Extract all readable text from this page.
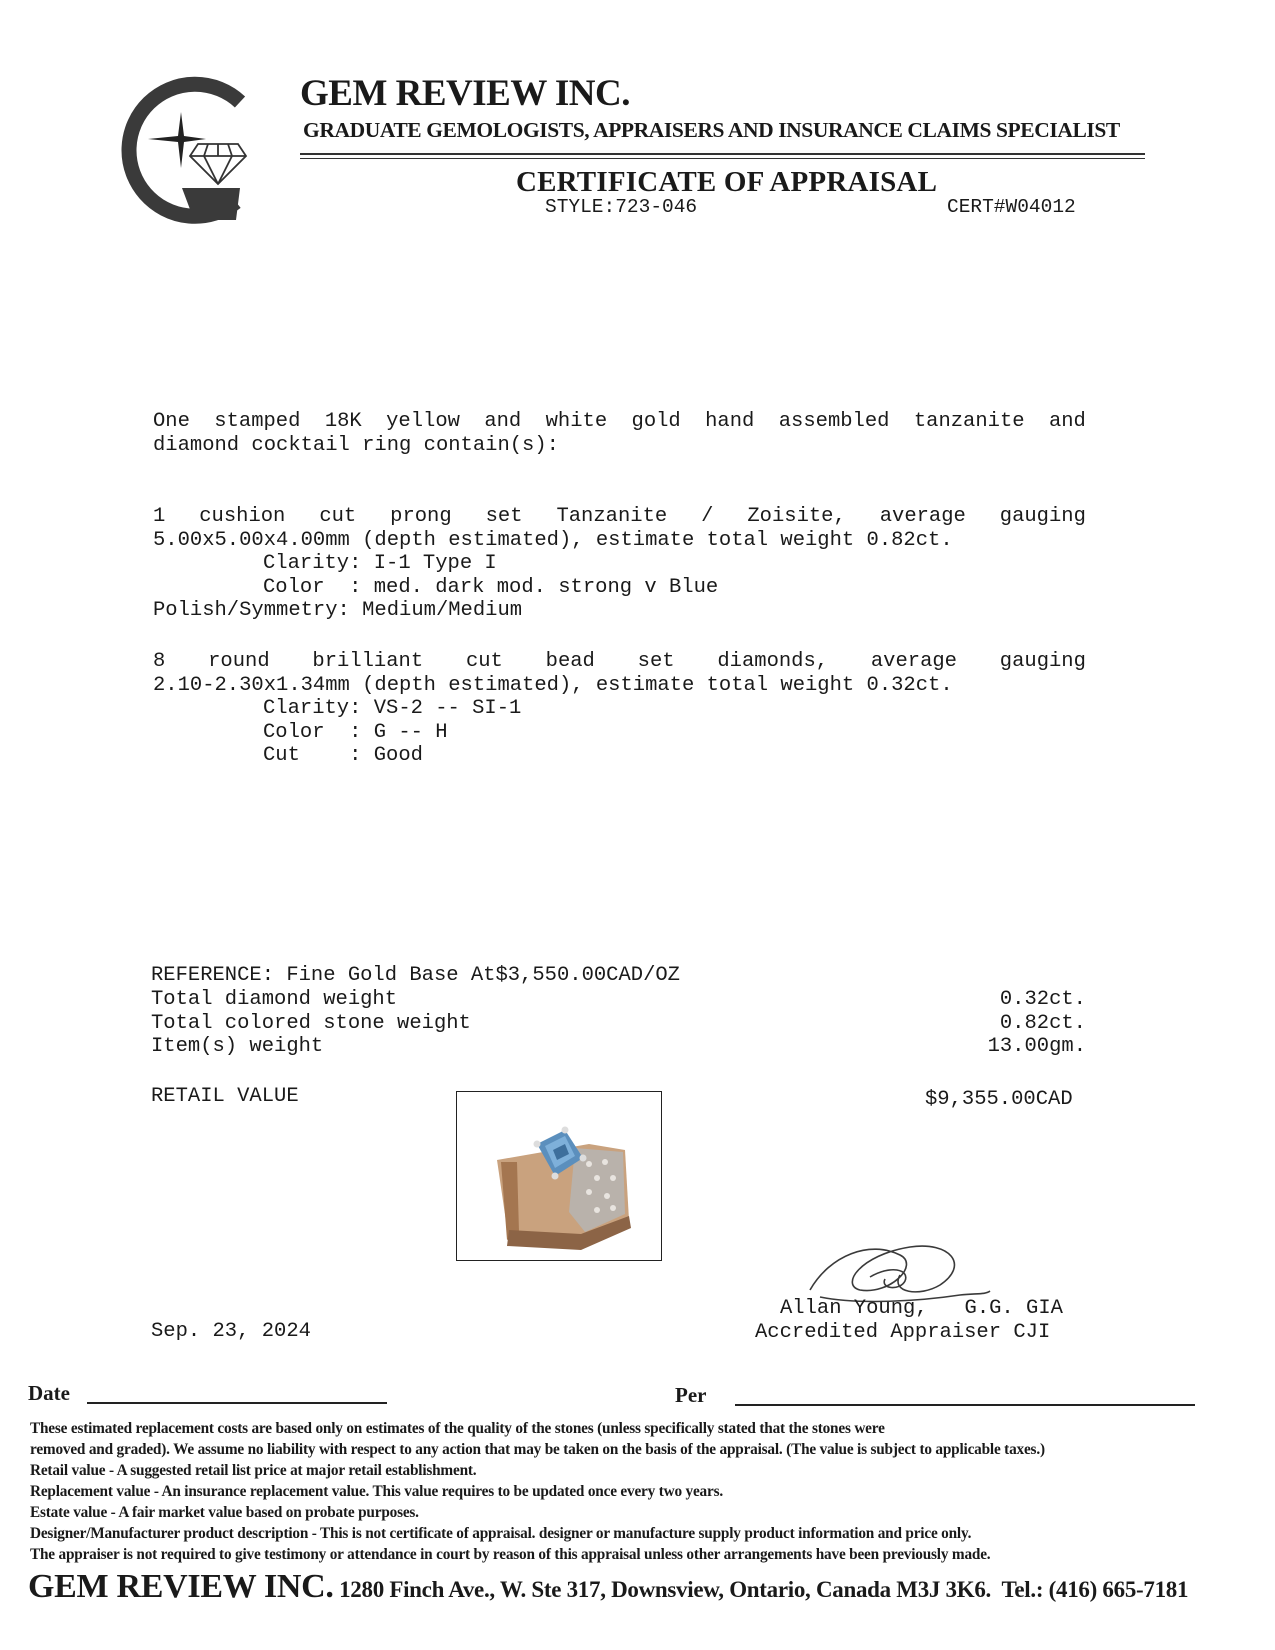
GEM REVIEW INC.
GRADUATE GEMOLOGISTS, APPRAISERS AND INSURANCE CLAIMS SPECIALIST
CERTIFICATE OF APPRAISAL
STYLE:723-046	CERT#W04012
One stamped 18K yellow and white gold hand assembled tanzanite and
diamond cocktail ring contain(s):
1 cushion cut prong set Tanzanite / Zoisite, average gauging
5.00x5.00x4.00mm (depth estimated), estimate total weight 0.82ct.
Clarity: I-1 Type I
Color  : med. dark mod. strong v Blue
Polish/Symmetry: Medium/Medium
8 round brilliant cut bead set diamonds, average gauging
2.10-2.30x1.34mm (depth estimated), estimate total weight 0.32ct.
Clarity: VS-2 -- SI-1
Color  : G -- H
Cut    : Good
REFERENCE: Fine Gold Base At$3,550.00CAD/OZ
Total diamond weight	0.32ct.
Total colored stone weight	0.82ct.
Item(s) weight	13.00gm.
RETAIL VALUE	$9,355.00CAD
Allan Young,   G.G. GIA
Accredited Appraiser CJI
Sep. 23, 2024
Date	Per
These estimated replacement costs are based only on estimates of the quality of the stones (unless specifically stated that the stones were
removed and graded). We assume no liability with respect to any action that may be taken on the basis of the appraisal. (The value is subject to applicable taxes.)
Retail value - A suggested retail list price at major retail establishment.
Replacement value - An insurance replacement value. This value requires to be updated once every two years.
Estate value - A fair market value based on probate purposes.
Designer/Manufacturer product description - This is not certificate of appraisal. designer or manufacture supply product information and price only.
The appraiser is not required to give testimony or attendance in court by reason of this appraisal unless other arrangements have been previously made.
GEM REVIEW INC. 1280 Finch Ave., W. Ste 317, Downsview, Ontario, Canada M3J 3K6.  Tel.: (416) 665-7181
